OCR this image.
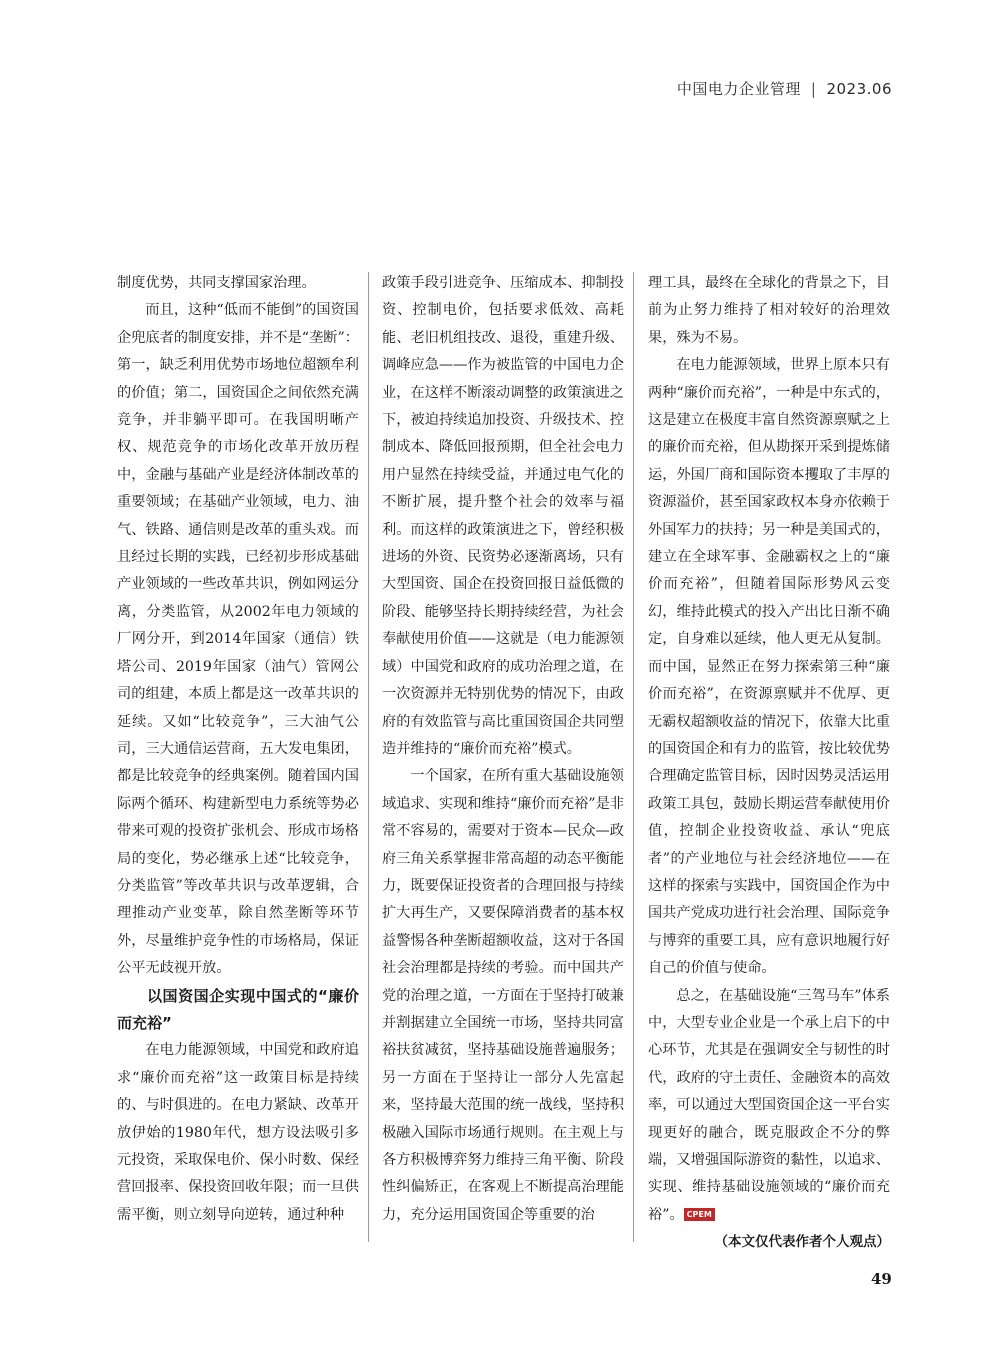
中国电力企业管理 | 2023.06

制度优势，共同支撑国家治理。

而且，这种“低而不能倒”的国资国企兜底者的制度安排，并不是“垄断”：第一，缺乏利用优势市场地位超额牟利的价值；第二，国资国企之间依然充满竞争，并非躺平即可。在我国明晰产权、规范竞争的市场化改革开放历程中，金融与基础产业是经济体制改革的重要领域；在基础产业领域，电力、油气、铁路、通信则是改革的重头戏。而且经过长期的实践，已经初步形成基础产业领域的一些改革共识，例如网运分离，分类监管，从2002年电力领域的厂网分开，到2014年国家（通信）铁塔公司、2019年国家（油气）管网公司的组建，本质上都是这一改革共识的延续。又如“比较竞争”，三大油气公司，三大通信运营商，五大发电集团，都是比较竞争的经典案例。随着国内国际两个循环、构建新型电力系统等势必带来可观的投资扩张机会、形成市场格局的变化，势必继承上述“比较竞争，分类监管”等改革共识与改革逻辑，合理推动产业变革，除自然垄断等环节外，尽量维护竞争性的市场格局，保证公平无歧视开放。

以国资国企实现中国式的“廉价而充裕”

在电力能源领域，中国党和政府追求“廉价而充裕”这一政策目标是持续的、与时俱进的。在电力紧缺、改革开放伊始的1980年代，想方设法吸引多元投资，采取保电价、保小时数、保经营回报率、保投资回收年限；而一旦供需平衡，则立刻导向逆转，通过种种

政策手段引进竞争、压缩成本、抑制投资、控制电价，包括要求低效、高耗能、老旧机组技改、退役，重建升级、调峰应急——作为被监管的中国电力企业，在这样不断滚动调整的政策演进之下，被迫持续追加投资、升级技术、控制成本、降低回报预期，但全社会电力用户显然在持续受益，并通过电气化的不断扩展，提升整个社会的效率与福利。而这样的政策演进之下，曾经积极进场的外资、民资势必逐渐离场，只有大型国资、国企在投资回报日益低微的阶段、能够坚持长期持续经营，为社会奉献使用价值——这就是（电力能源领域）中国党和政府的成功治理之道，在一次资源并无特别优势的情况下，由政府的有效监管与高比重国资国企共同塑造并维持的“廉价而充裕”模式。

一个国家，在所有重大基础设施领域追求、实现和维持“廉价而充裕”是非常不容易的，需要对于资本—民众—政府三角关系掌握非常高超的动态平衡能力，既要保证投资者的合理回报与持续扩大再生产，又要保障消费者的基本权益警惕各种垄断超额收益，这对于各国社会治理都是持续的考验。而中国共产党的治理之道，一方面在于坚持打破兼并割据建立全国统一市场，坚持共同富裕扶贫减贫，坚持基础设施普遍服务；另一方面在于坚持让一部分人先富起来，坚持最大范围的统一战线，坚持积极融入国际市场通行规则。在主观上与各方积极博弈努力维持三角平衡、阶段性纠偏矫正，在客观上不断提高治理能力，充分运用国资国企等重要的治

理工具，最终在全球化的背景之下，目前为止努力维持了相对较好的治理效果，殊为不易。

在电力能源领域，世界上原本只有两种“廉价而充裕”，一种是中东式的，这是建立在极度丰富自然资源禀赋之上的廉价而充裕，但从勘探开采到提炼储运，外国厂商和国际资本攫取了丰厚的资源溢价，甚至国家政权本身亦依赖于外国军力的扶持；另一种是美国式的，建立在全球军事、金融霸权之上的“廉价而充裕”，但随着国际形势风云变幻，维持此模式的投入产出比日渐不确定，自身难以延续，他人更无从复制。而中国，显然正在努力探索第三种“廉价而充裕”，在资源禀赋并不优厚、更无霸权超额收益的情况下，依靠大比重的国资国企和有力的监管，按比较优势合理确定监管目标，因时因势灵活运用政策工具包，鼓励长期运营奉献使用价值，控制企业投资收益、承认“兜底者”的产业地位与社会经济地位——在这样的探索与实践中，国资国企作为中国共产党成功进行社会治理、国际竞争与博弈的重要工具，应有意识地履行好自己的价值与使命。

总之，在基础设施“三驾马车”体系中，大型专业企业是一个承上启下的中心环节，尤其是在强调安全与韧性的时代，政府的守土责任、金融资本的高效率，可以通过大型国资国企这一平台实现更好的融合，既克服政企不分的弊端，又增强国际游资的黏性，以追求、实现、维持基础设施领域的“廉价而充裕”。 CPEM

（本文仅代表作者个人观点）

49
